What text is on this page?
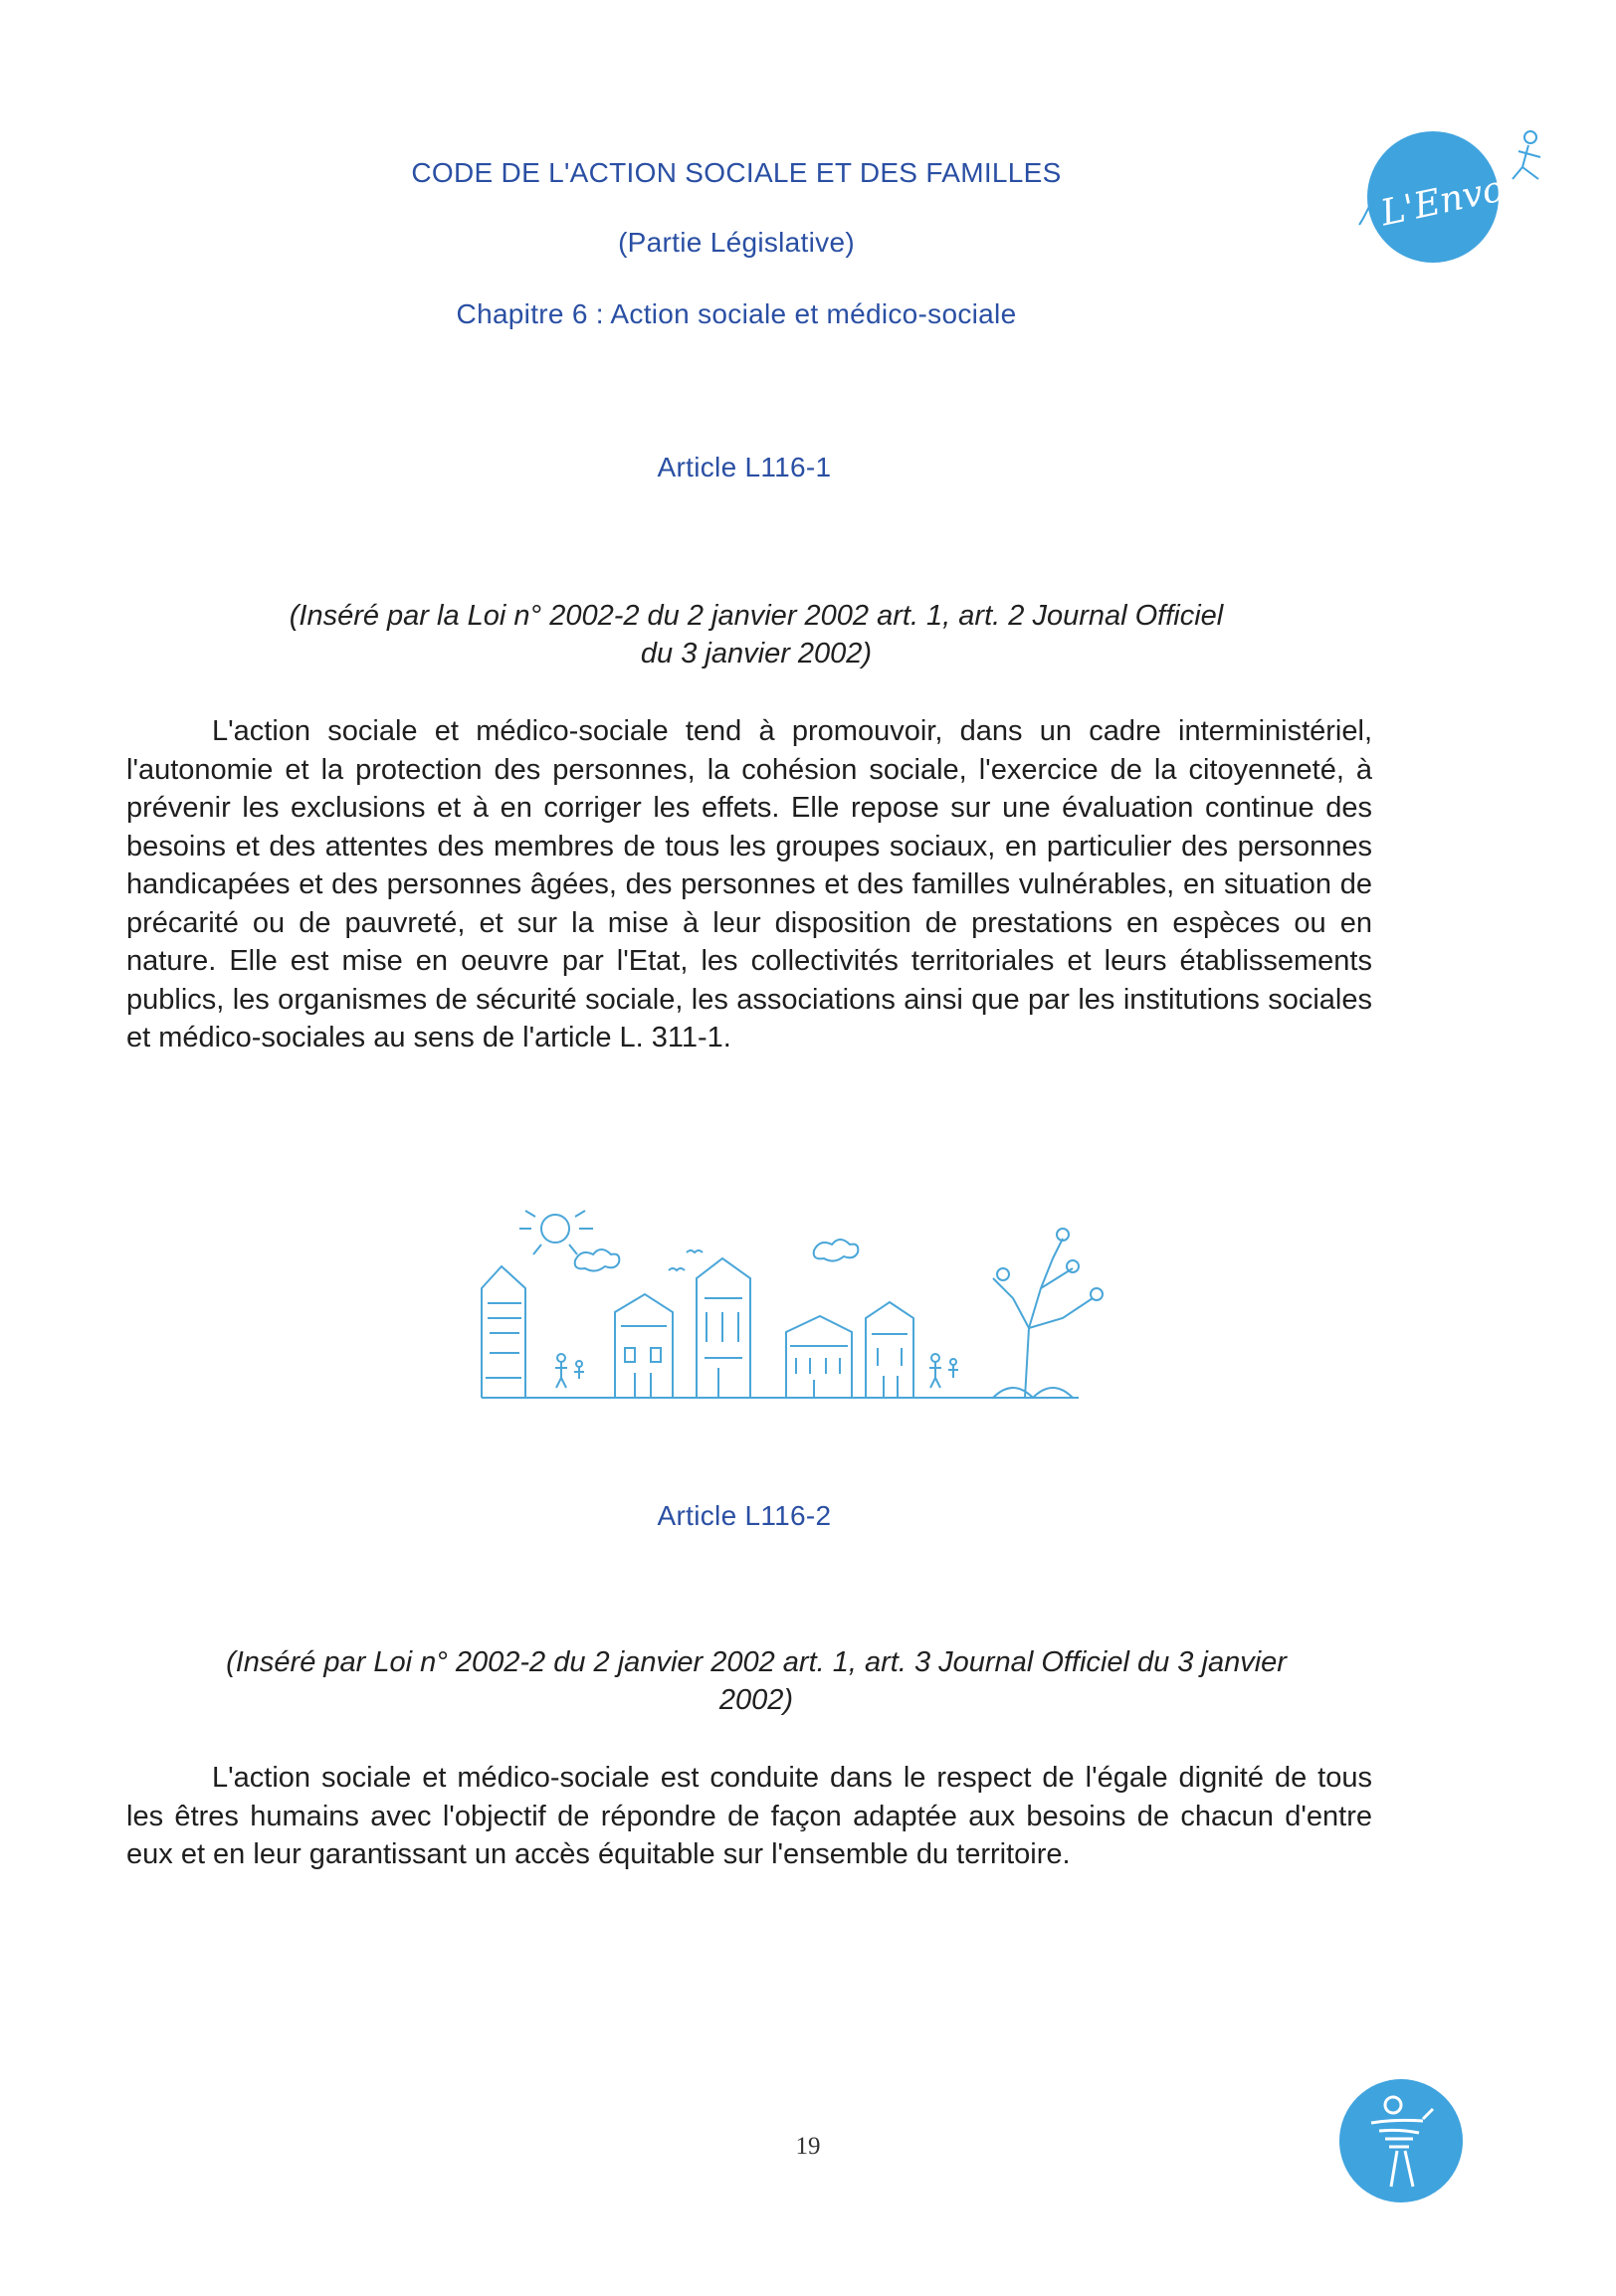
CODE DE L'ACTION SOCIALE ET DES FAMILLES
(Partie Législative)
Chapitre 6 : Action sociale et médico-sociale
L'Envol
Article L116-1
(Inséré par la Loi n° 2002-2 du 2 janvier 2002 art. 1, art. 2 Journal Officiel
du 3 janvier 2002)
L'action sociale et médico-sociale tend à promouvoir, dans un cadre interministériel, l'autonomie et la protection des personnes, la cohésion sociale, l'exercice de la citoyenneté, à prévenir les exclusions et à en corriger les effets. Elle repose sur une évaluation continue des besoins et des attentes des membres de tous les groupes sociaux, en particulier des personnes handicapées et des personnes âgées, des personnes et des familles vulnérables, en situation de précarité ou de pauvreté, et sur la mise à leur disposition de prestations en espèces ou en nature. Elle est mise en oeuvre par l'Etat, les collectivités territoriales et leurs établissements publics, les organismes de sécurité sociale, les associations ainsi que par les institutions sociales et médico-sociales au sens de l'article L. 311-1.
Article L116-2
(Inséré par Loi n° 2002-2 du 2 janvier 2002 art. 1, art. 3 Journal Officiel du 3 janvier
2002)
L'action sociale et médico-sociale est conduite dans le respect de l'égale dignité de tous les êtres humains avec l'objectif de répondre de façon adaptée aux besoins de chacun d'entre eux et en leur garantissant un accès équitable sur l'ensemble du territoire.
19
